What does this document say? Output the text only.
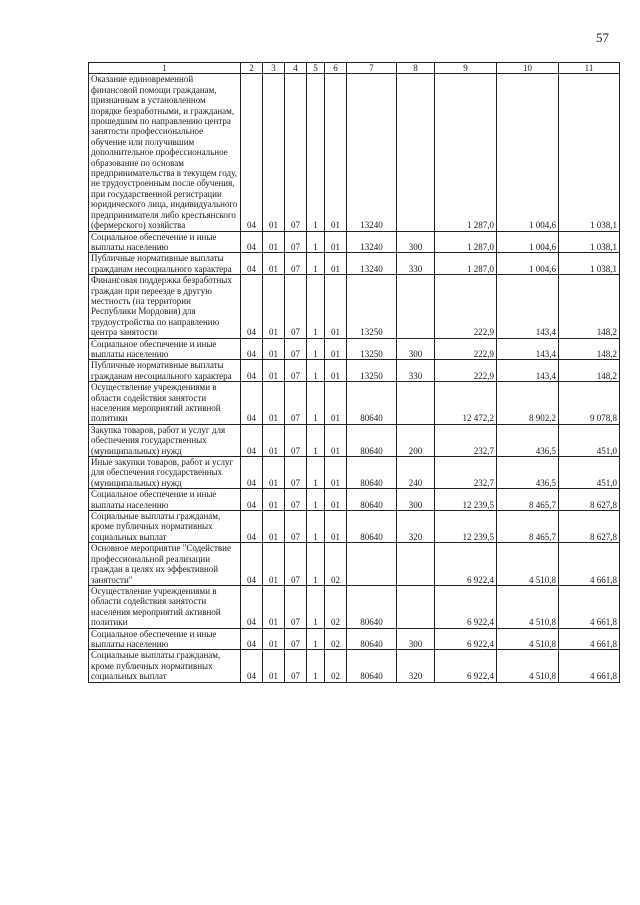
57
1	2	3	4	5	6	7	8	9	10	11
Оказание единовременной финансовой помощи гражданам, признанным в установленном порядке безработными, и гражданам, прошедшим по направлению центра занятости профессиональное обучение или получившим дополнительное профессиональное образование по основам предпринимательства в текущем году, не трудоустроенным после обучения, при государственной регистрации юридического лица, индивидуального предпринимателя либо крестьянского (фермерского) хозяйства	04	01	07	1	01	13240		1 287,0	1 004,6	1 038,1
Социальное обеспечение и иные выплаты населению	04	01	07	1	01	13240	300	1 287,0	1 004,6	1 038,1
Публичные нормативные выплаты гражданам несоциального характера	04	01	07	1	01	13240	330	1 287,0	1 004,6	1 038,1
Финансовая поддержка безработных граждан при переезде в другую местность (на территории Республики Мордовия) для трудоустройства по направлению центра занятости	04	01	07	1	01	13250		222,9	143,4	148,2
Социальное обеспечение и иные выплаты населению	04	01	07	1	01	13250	300	222,9	143,4	148,2
Публичные нормативные выплаты гражданам несоциального характера	04	01	07	1	01	13250	330	222,9	143,4	148,2
Осуществление учреждениями в области содействия занятости населения мероприятий активной политики	04	01	07	1	01	80640		12 472,2	8 902,2	9 078,8
Закупка товаров, работ и услуг для обеспечения государственных (муниципальных) нужд	04	01	07	1	01	80640	200	232,7	436,5	451,0
Иные закупки товаров, работ и услуг для обеспечения государственных (муниципальных) нужд	04	01	07	1	01	80640	240	232,7	436,5	451,0
Социальное обеспечение и иные выплаты населению	04	01	07	1	01	80640	300	12 239,5	8 465,7	8 627,8
Социальные выплаты гражданам, кроме публичных нормативных социальных выплат	04	01	07	1	01	80640	320	12 239,5	8 465,7	8 627,8
Основное мероприятие "Содействие профессиональной реализации граждан в целях их эффективной занятости"	04	01	07	1	02			6 922,4	4 510,8	4 661,8
Осуществление учреждениями в области содействия занятости населения мероприятий активной политики	04	01	07	1	02	80640		6 922,4	4 510,8	4 661,8
Социальное обеспечение и иные выплаты населению	04	01	07	1	02	80640	300	6 922,4	4 510,8	4 661,8
Социальные выплаты гражданам, кроме публичных нормативных социальных выплат	04	01	07	1	02	80640	320	6 922,4	4 510,8	4 661,8
